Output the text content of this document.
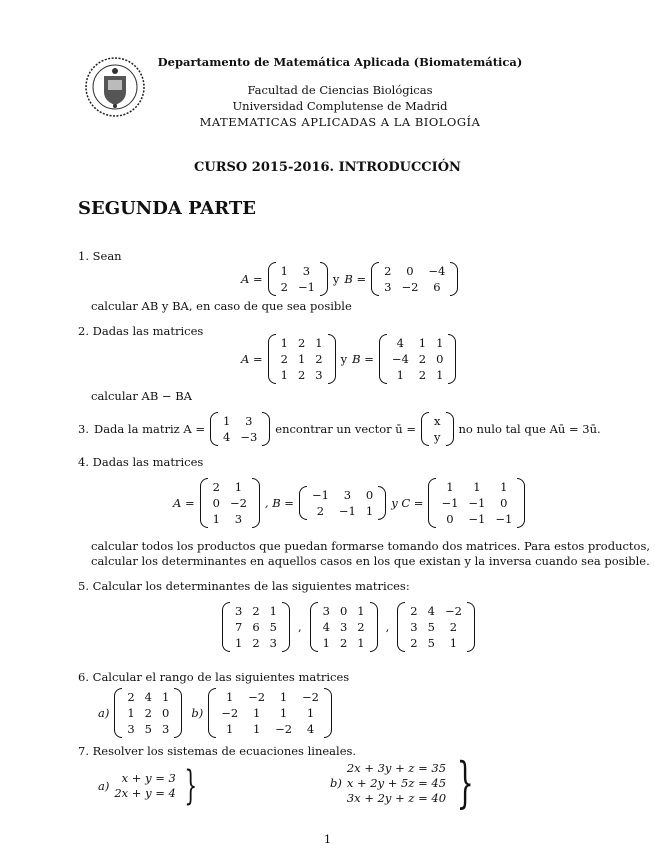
Departamento de Matemática Aplicada (Biomatemática)
Facultad de Ciencias Biológicas
Universidad Complutense de Madrid
MATEMATICAS APLICADAS A LA BIOLOGÍA
CURSO 2015-2016. INTRODUCCIÓN
SEGUNDA PARTE
1. Sean
A =
1	3
2	−1
y B =
2	0	−4
3	−2	6
calcular AB y BA, en caso de que sea posible
2. Dadas las matrices
A =
1	2	1
2	1	2
1	2	3
y B =
4	1	1
−4	2	0
1	2	1
calcular AB − BA
3. Dada la matriz A =
1	3
4	−3
encontrar un vector ū =
x
y
no nulo tal que Aū = 3ū.
4. Dadas las matrices
A =
2	1
0	−2
1	3
, B =
−1	3	0
2	−1	1
y C =
1	1	1
−1	−1	0
0	−1	−1
calcular todos los productos que puedan formarse tomando dos matrices. Para estos productos,
calcular los determinantes en aquellos casos en los que existan y la inversa cuando sea posible.
5. Calcular los determinantes de las siguientes matrices:
3	2	1
7	6	5
1	2	3
,
3	0	1
4	3	2
1	2	1
,
2	4	−2
3	5	2
2	5	1
6. Calcular el rango de las siguientes matrices
a)
2	4	1
1	2	0
3	5	3
b)
1	−2	1	−2
−2	1	1	1
1	1	−2	4
7. Resolver los sistemas de ecuaciones lineales.
a)
x + y = 3
2x + y = 4 }	b)
2x + 3y + z = 35
x + 2y + 5z = 45
3x + 2y + z = 40 }
1
